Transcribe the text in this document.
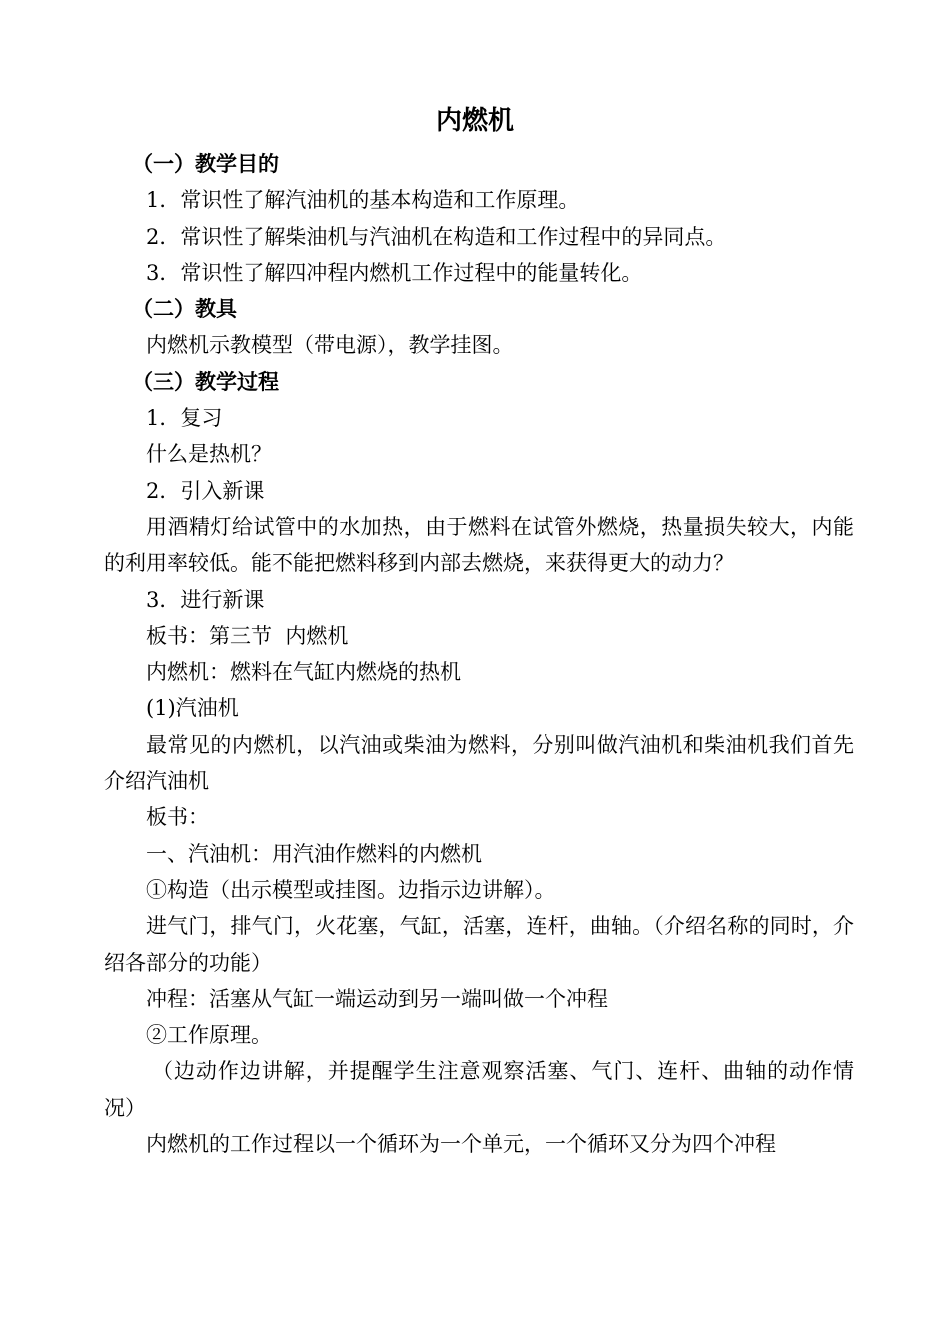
内燃机

（一）教学目的

1．常识性了解汽油机的基本构造和工作原理。

2．常识性了解柴油机与汽油机在构造和工作过程中的异同点。

3．常识性了解四冲程内燃机工作过程中的能量转化。

（二）教具

内燃机示教模型（带电源），教学挂图。

（三）教学过程

1．复习

什么是热机？

2．引入新课

用酒精灯给试管中的水加热，由于燃料在试管外燃烧，热量损失较大，内能的利用率较低。能不能把燃料移到内部去燃烧，来获得更大的动力？

3．进行新课

板书：第三节  内燃机

内燃机：燃料在气缸内燃烧的热机

(1)汽油机

最常见的内燃机，以汽油或柴油为燃料，分别叫做汽油机和柴油机我们首先介绍汽油机

板书：

一、汽油机：用汽油作燃料的内燃机

①构造（出示模型或挂图。边指示边讲解）。

进气门，排气门，火花塞，气缸，活塞，连杆，曲轴。（介绍名称的同时，介绍各部分的功能）

冲程：活塞从气缸一端运动到另一端叫做一个冲程

②工作原理。

（边动作边讲解，并提醒学生注意观察活塞、气门、连杆、曲轴的动作情况）

内燃机的工作过程以一个循环为一个单元，一个循环又分为四个冲程
